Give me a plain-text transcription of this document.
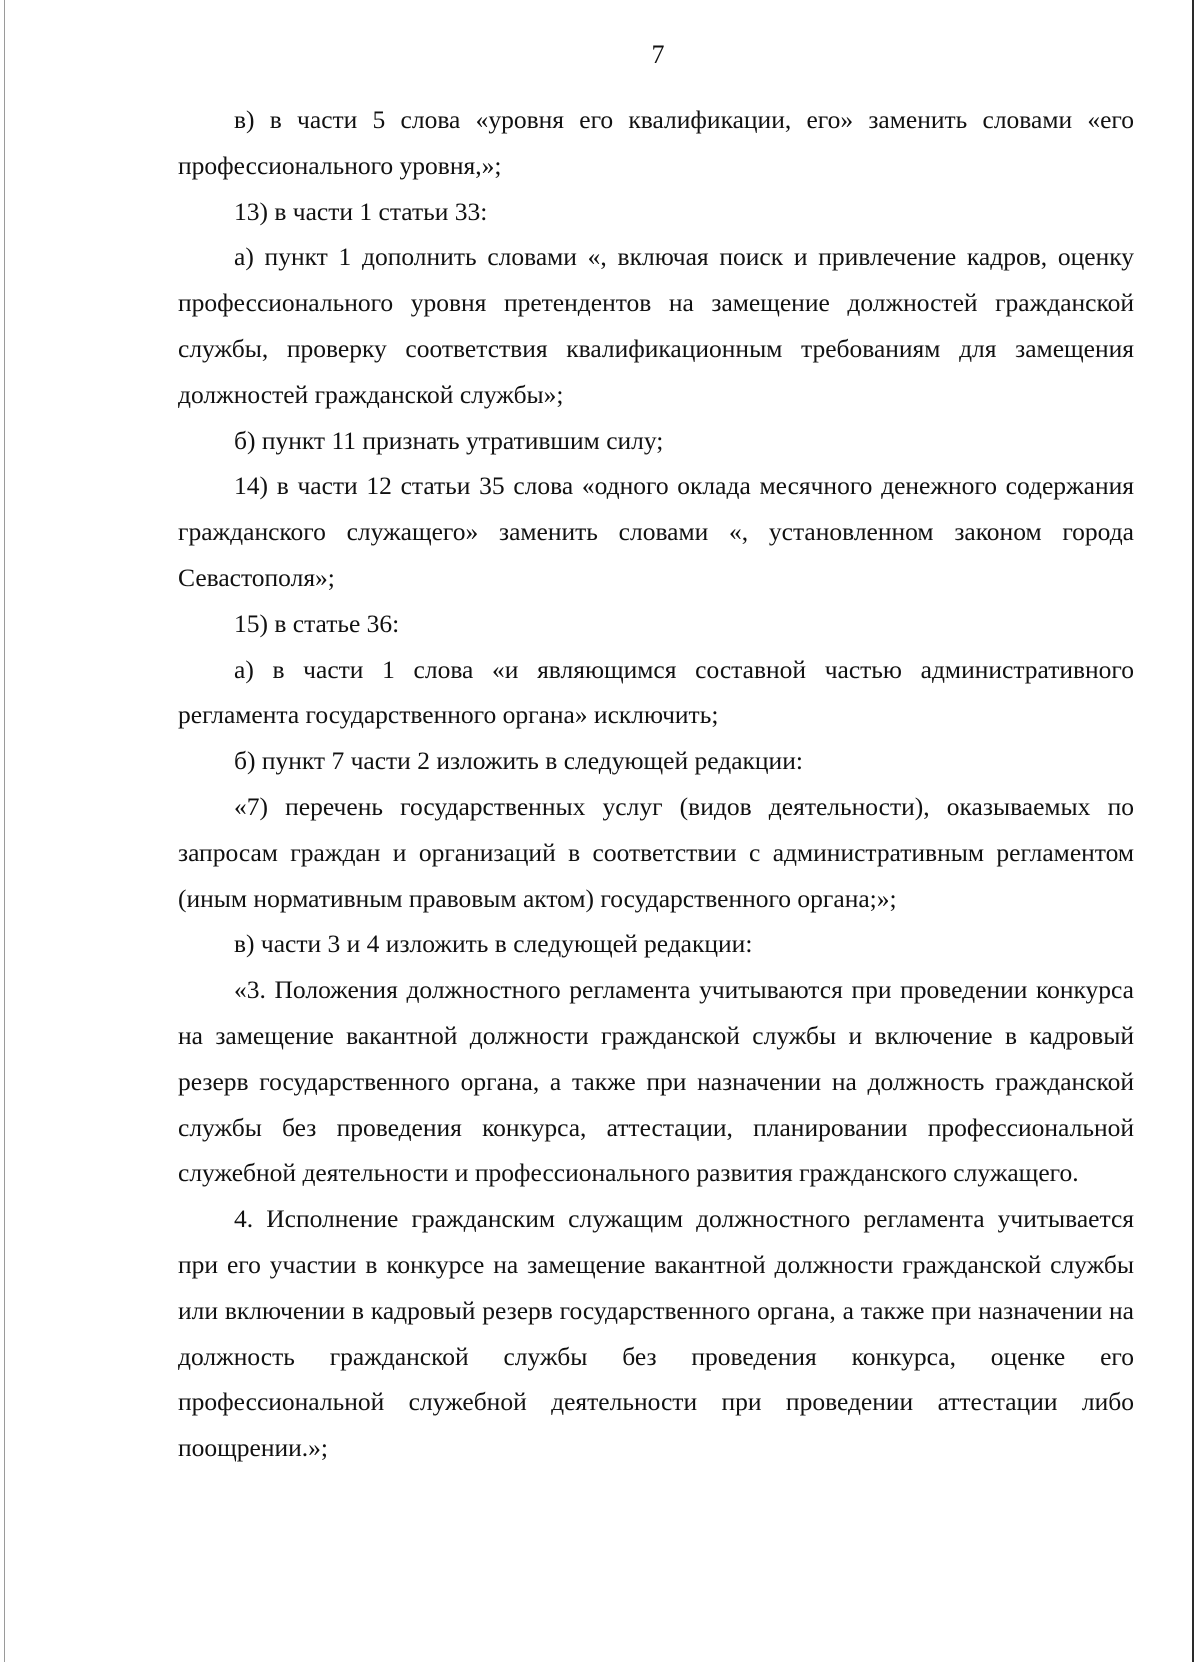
7

в) в части 5 слова «уровня его квалификации, его» заменить словами «его профессионального уровня,»;

13) в части 1 статьи 33:

а) пункт 1 дополнить словами «, включая поиск и привлечение кадров, оценку профессионального уровня претендентов на замещение должностей гражданской службы, проверку соответствия квалификационным требованиям для замещения должностей гражданской службы»;

б) пункт 11 признать утратившим силу;

14) в части 12 статьи 35 слова «одного оклада месячного денежного содержания гражданского служащего» заменить словами «, установленном законом города Севастополя»;

15) в статье 36:

а) в части 1 слова «и являющимся составной частью административного регламента государственного органа» исключить;

б) пункт 7 части 2 изложить в следующей редакции:

«7) перечень государственных услуг (видов деятельности), оказываемых по запросам граждан и организаций в соответствии с административным регламентом (иным нормативным правовым актом) государственного органа;»;

в) части 3 и 4 изложить в следующей редакции:

«3. Положения должностного регламента учитываются при проведении конкурса на замещение вакантной должности гражданской службы и включение в кадровый резерв государственного органа, а также при назначении на должность гражданской службы без проведения конкурса, аттестации, планировании профессиональной служебной деятельности и профессионального развития гражданского служащего.

4. Исполнение гражданским служащим должностного регламента учитывается при его участии в конкурсе на замещение вакантной должности гражданской службы или включении в кадровый резерв государственного органа, а также при назначении на должность гражданской службы без проведения конкурса, оценке его профессиональной служебной деятельности при проведении аттестации либо поощрении.»;
